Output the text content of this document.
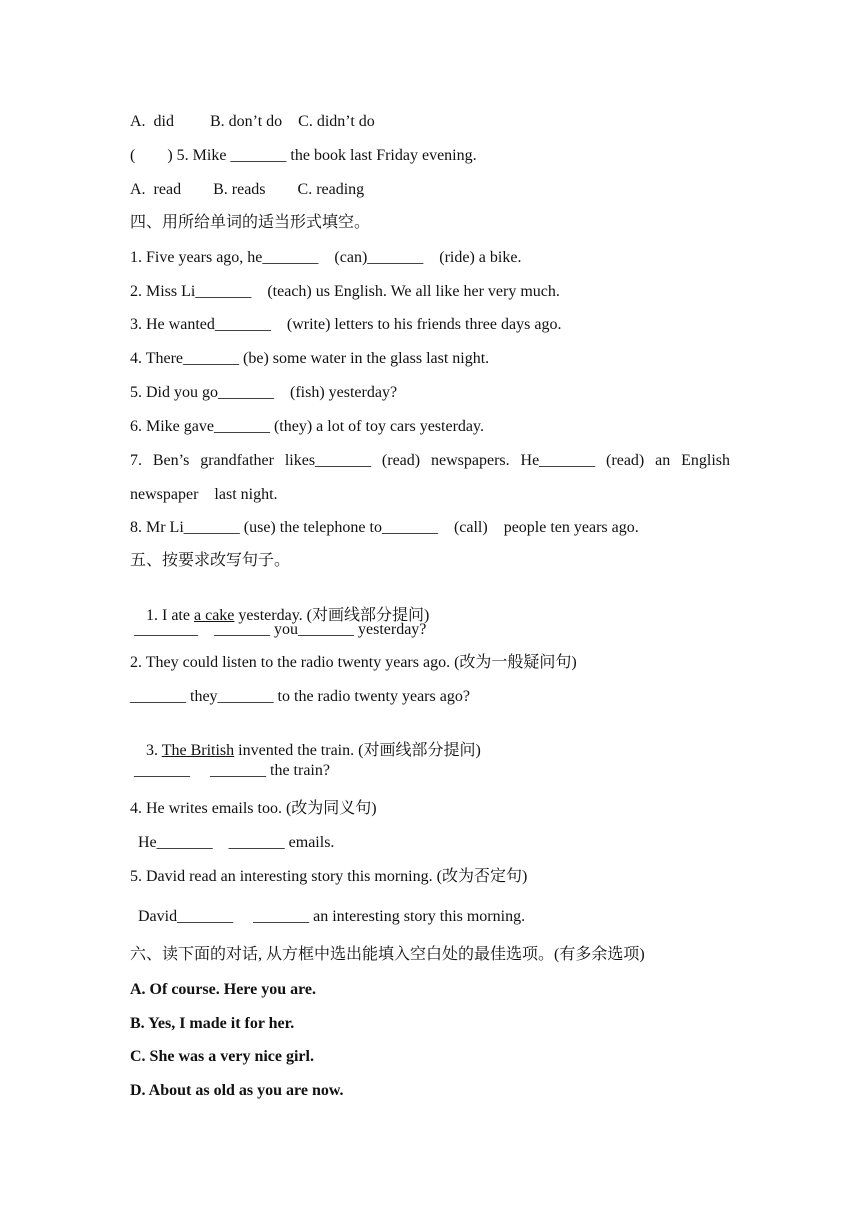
A.  did         B. don’t do    C. didn’t do
(        ) 5. Mike _______ the book last Friday evening.
A.  read        B. reads        C. reading
四、用所给单词的适当形式填空。
1. Five years ago, he_______    (can)_______    (ride) a bike.
2. Miss Li_______    (teach) us English. We all like her very much.
3. He wanted_______    (write) letters to his friends three days ago.
4. There_______ (be) some water in the glass last night.
5. Did you go_______    (fish) yesterday?
6. Mike gave_______ (they) a lot of toy cars yesterday.
7. Ben’s grandfather likes_______ (read) newspapers. He_______ (read) an English
newspaper    last night.
8. Mr Li_______ (use) the telephone to_______    (call)    people ten years ago.
五、按要求改写句子。

1. I ate a cake yesterday. (对画线部分提问)

________    _______ you_______ yesterday?
2. They could listen to the radio twenty years ago. (改为一般疑问句)
_______ they_______ to the radio twenty years ago?

3. The British invented the train. (对画线部分提问)

_______     _______ the train?
4. He writes emails too. (改为同义句)
He_______    _______ emails.
5. David read an interesting story this morning. (改为否定句)
David_______     _______ an interesting story this morning.
六、读下面的对话, 从方框中选出能填入空白处的最佳选项。(有多余选项)
A. Of course. Here you are.
B. Yes, I made it for her.
C. She was a very nice girl.
D. About as old as you are now.
